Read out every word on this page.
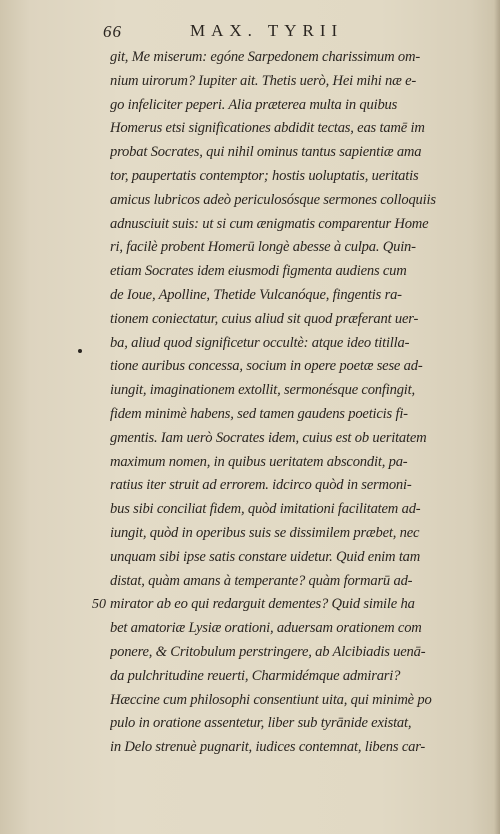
66	MAX. TYRII
50
git, Me miserum: egóne Sarpedonem charissimum om-
nium uirorum? Iupiter ait. Thetis uerò, Hei mihi næ e-
go infeliciter peperi. Alia præterea multa in quibus
Homerus etsi significationes abdidit tectas, eas tamē im
probat Socrates, qui nihil ominus tantus sapientiæ ama
tor, paupertatis contemptor; hostis uoluptatis, ueritatis
amicus lubricos adeò periculosósque sermones colloquiis
adnusciuit suis: ut si cum ænigmatis comparentur Home
ri, facilè probent Homerū longè abesse à culpa. Quin-
etiam Socrates idem eiusmodi figmenta audiens cum
de Ioue, Apolline, Thetide Vulcanóque, fingentis ra-
tionem coniectatur, cuius aliud sit quod præferant uer-
ba, aliud quod significetur occultè: atque ideo titilla-
tione auribus concessa, socium in opere poetæ sese ad-
iungit, imaginationem extollit, sermonésque confingit,
fidem minimè habens, sed tamen gaudens poeticis fi-
gmentis. Iam uerò Socrates idem, cuius est ob ueritatem
maximum nomen, in quibus ueritatem abscondit, pa-
ratius iter struit ad errorem. idcirco quòd in sermoni-
bus sibi conciliat fidem, quòd imitationi facilitatem ad-
iungit, quòd in operibus suis se dissimilem præbet, nec
unquam sibi ipse satis constare uidetur. Quid enim tam
distat, quàm amans à temperante? quàm formarū ad-
mirator ab eo qui redarguit dementes? Quid simile ha
bet amatoriæ Lysiæ orationi, aduersam orationem com
ponere, & Critobulum perstringere, ab Alcibiadis uenā-
da pulchritudine reuerti, Charmidémque admirari?
Hæccine cum philosophi consentiunt uita, qui minimè po
pulo in oratione assentetur, liber sub tyrānide existat,
in Delo strenuè pugnarit, iudices contemnat, libens car-
